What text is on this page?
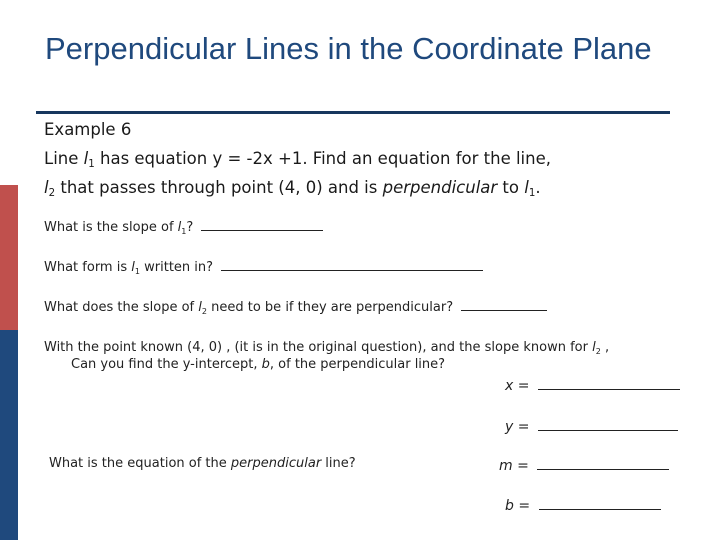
Perpendicular Lines in the Coordinate Plane
Example 6
Line $l_1$ has equation y = -2x +1. Find an equation for the line,
$l_2$ that passes through point (4, 0) and is perpendicular to $l_1$.
What is the slope of $l_1$?
What form is $l_1$ written in?
What does the slope of $l_2$ need to be if they are perpendicular?
With the point known (4, 0) , (it is in the original question), and the slope known for $l_2$ ,
Can you find the y-intercept, b, of the perpendicular line?
What is the equation of the perpendicular line?
x =
y =
m =
b =
